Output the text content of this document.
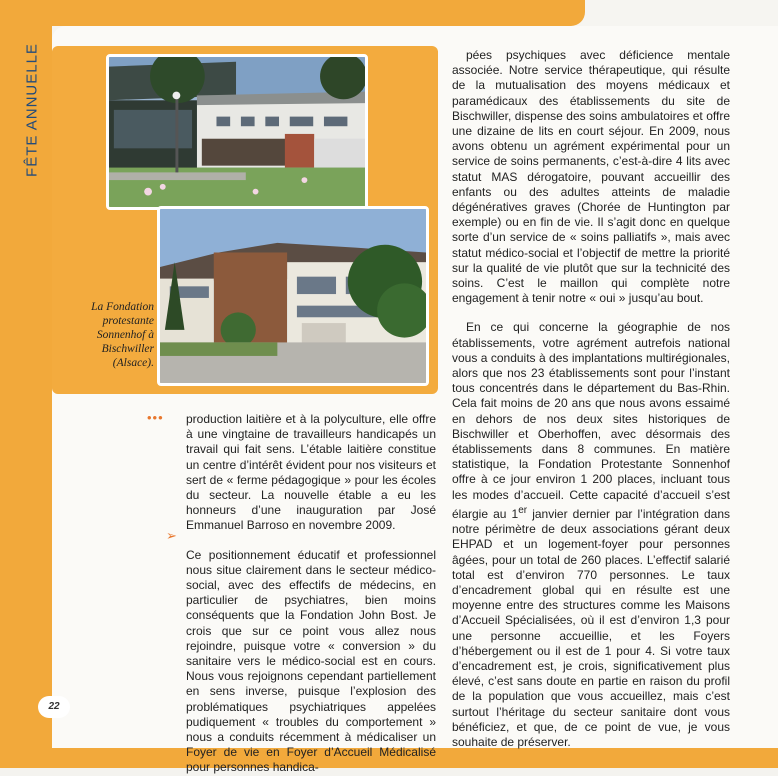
FÊTE ANNUELLE
La Fondation protestante Sonnenhof à Bischwiller (Alsace).
•••
➢

production laitière et à la polyculture, elle offre à une vingtaine de travailleurs handicapés un travail qui fait sens. L’étable laitière constitue un centre d’intérêt évident pour nos visiteurs et sert de « ferme pédagogique » pour les écoles du secteur. La nouvelle étable a eu les honneurs d’une inauguration par José Emmanuel Barroso en novembre 2009.

Ce positionnement éducatif et professionnel nous situe clairement dans le secteur médico-social, avec des effectifs de médecins, en particulier de psychiatres, bien moins conséquents que la Fondation John Bost. Je crois que sur ce point vous allez nous rejoindre, puisque votre « conversion » du sanitaire vers le médico-social est en cours. Nous vous rejoignons cependant partiellement en sens inverse, puisque l’explosion des problématiques psychiatriques appelées pudiquement « troubles du comportement » nous a conduits récemment à médicaliser un Foyer de vie en Foyer d’Accueil Médicalisé pour personnes handica-

pées psychiques avec déficience mentale associée. Notre service thérapeutique, qui résulte de la mutualisation des moyens médicaux et paramédicaux des établissements du site de Bischwiller, dispense des soins ambulatoires et offre une dizaine de lits en court séjour. En 2009, nous avons obtenu un agrément expérimental pour un service de soins permanents, c’est-à-dire 4 lits avec statut MAS dérogatoire, pouvant accueillir des enfants ou des adultes atteints de maladie dégénératives graves (Chorée de Huntington par exemple) ou en fin de vie. Il s’agit donc en quelque sorte d’un service de « soins palliatifs », mais avec statut médico-social et l’objectif de mettre la priorité sur la qualité de vie plutôt que sur la technicité des soins. C’est le maillon qui complète notre engagement à tenir notre « oui » jusqu’au bout.

En ce qui concerne la géographie de nos établissements, votre agrément autrefois national vous a conduits à des implantations multirégionales, alors que nos 23 établissements sont pour l’instant tous concentrés dans le département du Bas-Rhin. Cela fait moins de 20 ans que nous avons essaimé en dehors de nos deux sites historiques de Bischwiller et Oberhoffen, avec désormais des établissements dans 8 communes. En matière statistique, la Fondation Protestante Sonnenhof offre à ce jour environ 1 200 places, incluant tous les modes d’accueil. Cette capacité d’accueil s’est élargie au 1er janvier dernier par l’intégration dans notre périmètre de deux associations gérant deux EHPAD et un logement-foyer pour personnes âgées, pour un total de 260 places. L’effectif salarié total est d’environ 770 personnes. Le taux d’encadrement global qui en résulte est une moyenne entre des structures comme les Maisons d’Accueil Spécialisées, où il est d’environ 1,3 pour une personne accueillie, et les Foyers d’hébergement ou il est de 1 pour 4. Si votre taux d’encadrement est, je crois, significativement plus élevé, c’est sans doute en partie en raison du profil de la population que vous accueillez, mais c’est surtout l’héritage du secteur sanitaire dont vous bénéficiez, et que, de ce point de vue, je vous souhaite de préserver.

22
